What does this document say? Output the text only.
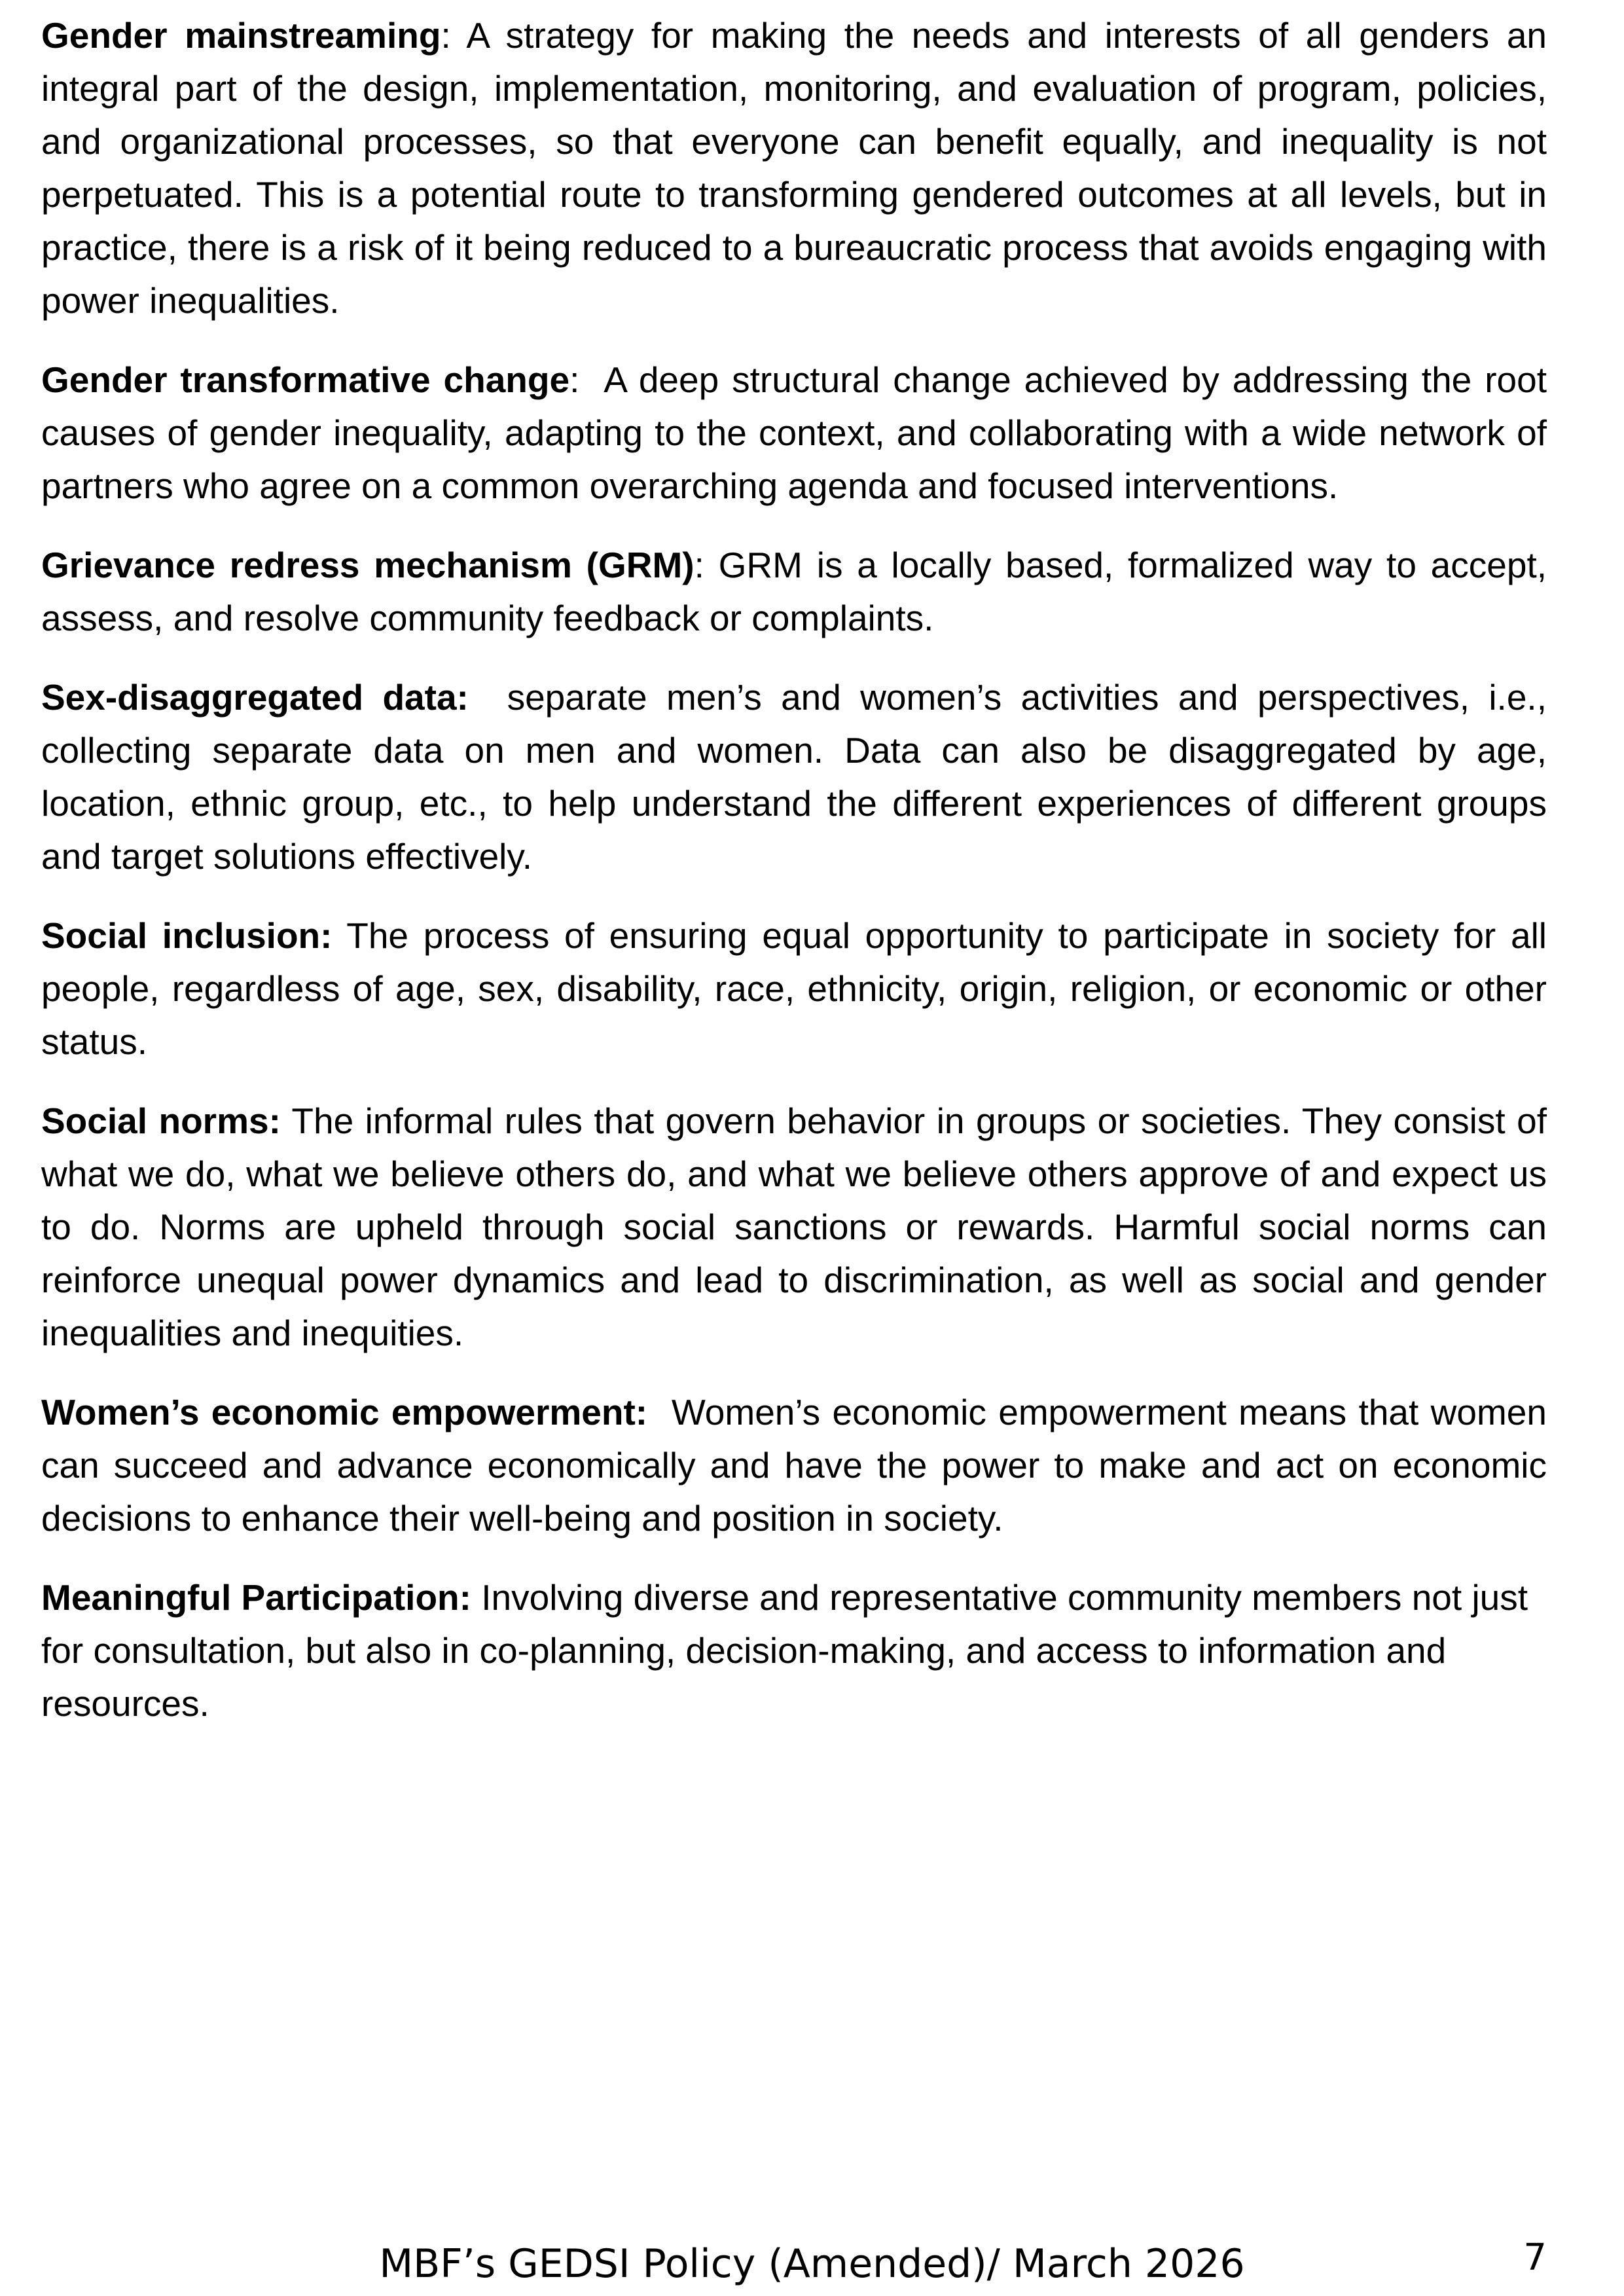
Gender mainstreaming: A strategy for making the needs and interests of all genders an integral part of the design, implementation, monitoring, and evaluation of program, policies, and organizational processes, so that everyone can benefit equally, and inequality is not perpetuated. This is a potential route to transforming gendered outcomes at all levels, but in practice, there is a risk of it being reduced to a bureaucratic process that avoids engaging with power inequalities.

Gender transformative change:  A deep structural change achieved by addressing the root causes of gender inequality, adapting to the context, and collaborating with a wide network of partners who agree on a common overarching agenda and focused interventions.

Grievance redress mechanism (GRM): GRM is a locally based, formalized way to accept, assess, and resolve community feedback or complaints.

Sex-disaggregated data: separate men’s and women’s activities and perspectives, i.e., collecting separate data on men and women. Data can also be disaggregated by age, location, ethnic group, etc., to help understand the different experiences of different groups and target solutions effectively.

Social inclusion: The process of ensuring equal opportunity to participate in society for all people, regardless of age, sex, disability, race, ethnicity, origin, religion, or economic or other status.

Social norms: The informal rules that govern behavior in groups or societies. They consist of what we do, what we believe others do, and what we believe others approve of and expect us to do. Norms are upheld through social sanctions or rewards. Harmful social norms can reinforce unequal power dynamics and lead to discrimination, as well as social and gender inequalities and inequities.

Women’s economic empowerment: Women’s economic empowerment means that women can succeed and advance economically and have the power to make and act on economic decisions to enhance their well-being and position in society.

Meaningful Participation: Involving diverse and representative community members not just for consultation, but also in co-planning, decision-making, and access to information and resources.

MBF’s GEDSI Policy (Amended)/ March 2026	7
